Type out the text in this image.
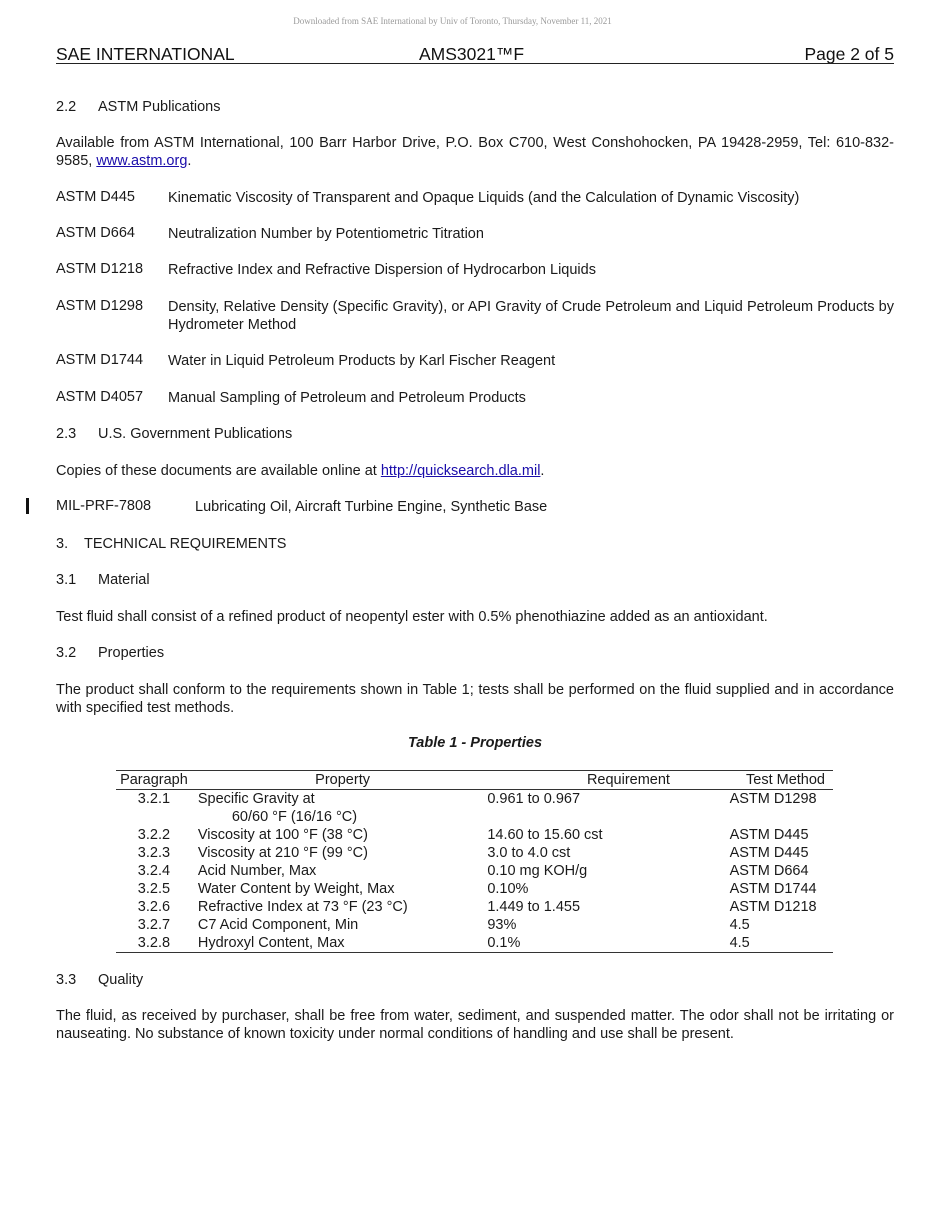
Downloaded from SAE International by Univ of Toronto, Thursday, November 11, 2021
SAE INTERNATIONAL	AMS3021™F	Page 2 of 5
2.2 ASTM Publications
Available from ASTM International, 100 Barr Harbor Drive, P.O. Box C700, West Conshohocken, PA 19428-2959, Tel: 610-832-9585, www.astm.org.
ASTM D445 Kinematic Viscosity of Transparent and Opaque Liquids (and the Calculation of Dynamic Viscosity)
ASTM D664 Neutralization Number by Potentiometric Titration
ASTM D1218 Refractive Index and Refractive Dispersion of Hydrocarbon Liquids
ASTM D1298 Density, Relative Density (Specific Gravity), or API Gravity of Crude Petroleum and Liquid Petroleum Products by Hydrometer Method
ASTM D1744 Water in Liquid Petroleum Products by Karl Fischer Reagent
ASTM D4057 Manual Sampling of Petroleum and Petroleum Products
2.3 U.S. Government Publications
Copies of these documents are available online at http://quicksearch.dla.mil.
MIL-PRF-7808	Lubricating Oil, Aircraft Turbine Engine, Synthetic Base
3. TECHNICAL REQUIREMENTS
3.1 Material
Test fluid shall consist of a refined product of neopentyl ester with 0.5% phenothiazine added as an antioxidant.
3.2 Properties
The product shall conform to the requirements shown in Table 1; tests shall be performed on the fluid supplied and in accordance with specified test methods.
Table 1 - Properties
Paragraph	Property	Requirement	Test Method
3.2.1	Specific Gravity at
60/60 °F (16/16 °C)	0.961 to 0.967	ASTM D1298
3.2.2	Viscosity at 100 °F (38 °C)	14.60 to 15.60 cst	ASTM D445
3.2.3	Viscosity at 210 °F (99 °C)	3.0 to 4.0 cst	ASTM D445
3.2.4	Acid Number, Max	0.10 mg KOH/g	ASTM D664
3.2.5	Water Content by Weight, Max	0.10%	ASTM D1744
3.2.6	Refractive Index at 73 °F (23 °C)	1.449 to 1.455	ASTM D1218
3.2.7	C7 Acid Component, Min	93%	4.5
3.2.8	Hydroxyl Content, Max	0.1%	4.5
3.3 Quality
The fluid, as received by purchaser, shall be free from water, sediment, and suspended matter. The odor shall not be irritating or nauseating. No substance of known toxicity under normal conditions of handling and use shall be present.
